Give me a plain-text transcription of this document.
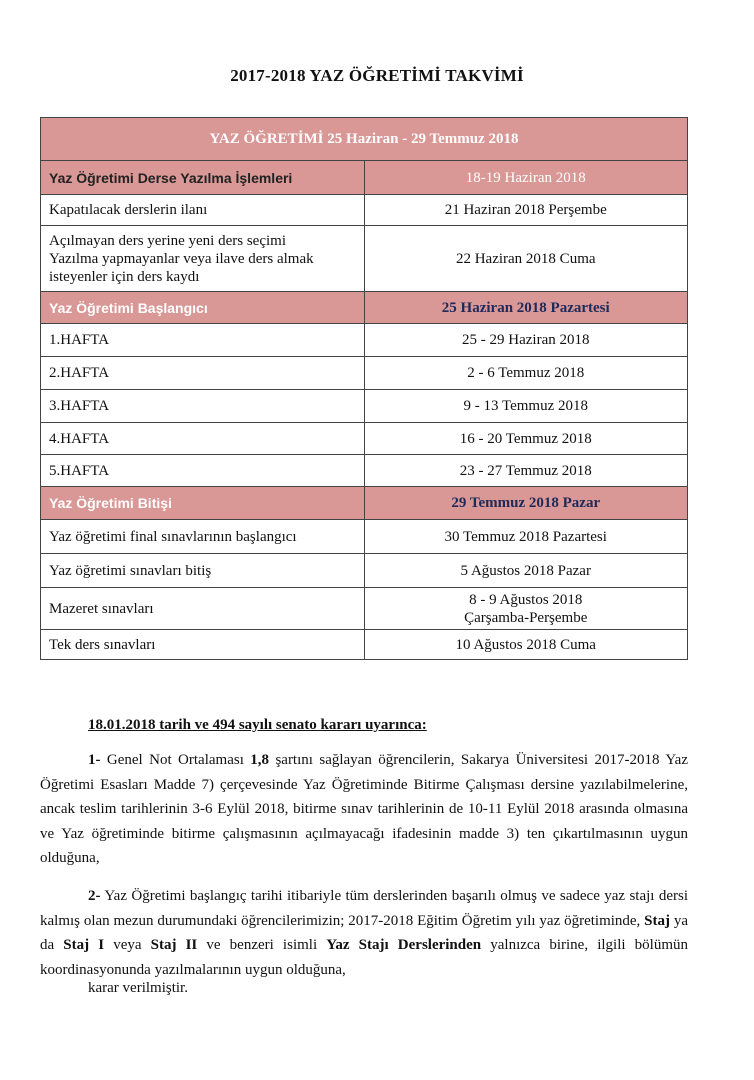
2017-2018 YAZ ÖĞRETİMİ TAKVİMİ
YAZ ÖĞRETİMİ 25 Haziran - 29 Temmuz 2018	
Yaz Öğretimi Derse Yazılma İşlemleri	18-19 Haziran 2018
Kapatılacak derslerin ilanı	21 Haziran 2018 Perşembe
Açılmayan ders yerine yeni ders seçimi
Yazılma yapmayanlar veya ilave ders almak isteyenler için ders kaydı	22 Haziran 2018 Cuma
Yaz Öğretimi Başlangıcı	25 Haziran 2018 Pazartesi
1.HAFTA	25 - 29 Haziran 2018
2.HAFTA	2 - 6 Temmuz 2018
3.HAFTA	9 - 13 Temmuz 2018
4.HAFTA	16 - 20 Temmuz 2018
5.HAFTA	23 - 27 Temmuz 2018
Yaz Öğretimi Bitişi	29 Temmuz 2018 Pazar
Yaz öğretimi final sınavlarının başlangıcı	30 Temmuz 2018 Pazartesi
Yaz öğretimi sınavları bitiş	5 Ağustos 2018 Pazar
Mazeret sınavları	8 - 9 Ağustos 2018
Çarşamba-Perşembe
Tek ders sınavları	10 Ağustos 2018 Cuma
18.01.2018 tarih ve 494 sayılı senato kararı uyarınca:

1- Genel Not Ortalaması 1,8 şartını sağlayan öğrencilerin, Sakarya Üniversitesi 2017-2018 Yaz Öğretimi Esasları Madde 7) çerçevesinde Yaz Öğretiminde Bitirme Çalışması dersine yazılabilmelerine, ancak teslim tarihlerinin 3-6 Eylül 2018, bitirme sınav tarihlerinin de 10-11 Eylül 2018 arasında olmasına ve Yaz öğretiminde bitirme çalışmasının açılmayacağı ifadesinin madde 3) ten çıkartılmasının uygun olduğuna,

2- Yaz Öğretimi başlangıç tarihi itibariyle tüm derslerinden başarılı olmuş ve sadece yaz stajı dersi kalmış olan mezun durumundaki öğrencilerimizin; 2017-2018 Eğitim Öğretim yılı yaz öğretiminde, Staj ya da Staj I veya Staj II ve benzeri isimli Yaz Stajı Derslerinden yalnızca birine, ilgili bölümün koordinasyonunda yazılmalarının uygun olduğuna,

karar verilmiştir.
